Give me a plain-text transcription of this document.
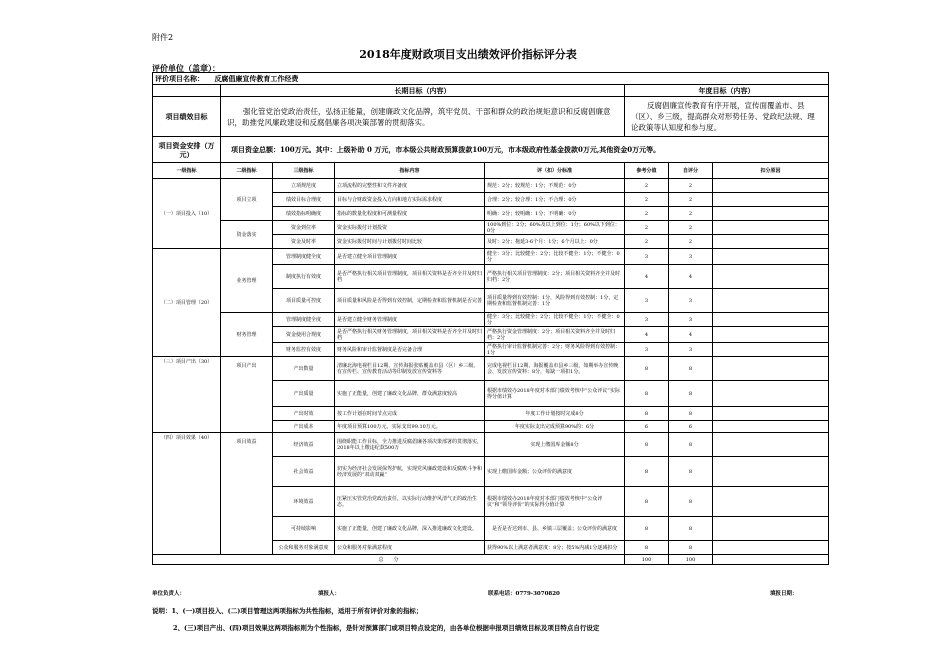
附件2
2018年度财政项目支出绩效评价指标评分表
评价单位（盖章）：
评价项目名称： 反腐倡廉宣传教育工作经费							
	长期目标（内容）				年度目标（内容）		
项目绩效目标	强化管党治党政治责任，弘扬正能量，创建廉政文化品牌，筑牢党员、干部和群众的政治规矩意识和反腐倡廉意识，助推党风廉政建设和反腐倡廉各项决策部署的贯彻落实。				反腐倡廉宣传教育有序开展，宣传面覆盖市、县（区）、乡三级，提高群众对形势任务、党政纪法规、理论政策等认知度和参与度。		
项目资金安排（万元）	项目资金总额：100万元。其中：上级补助 0 万元，市本级公共财政预算拨款100万元，市本级政府性基金拨款0万元,其他资金0万元等。						
一级指标	二级指标	三级指标	指标内容	评（扣）分标准	参考分值	自评分	扣分原因
（一）项目投入（10）	项目立项	立项规范度	立项流程的完整性和文件齐备度	规范：2分；较规范：1分；不规范：0分	2	2	
		绩效目标合理度	目标与合财政资金投入方向和地方实际需求程度	合理：2分；较合理：1分；不合理：0分	2	2	
		绩效指标明确度	指标的数量化程度和可测量程度	明确：2分；较明确：1分；不明确：0分	2	2	
	资金落实	资金到位率	资金实际拨付计划投资	100%到位：2分；60%及以上到位：1分；60%以下到位：0分	2	2	
		资金及时率	资金实际拨付时间与计划拨付时间比较	及时：2分；拖延3-6个月：1分；6个月以上：0分	2	2	
（二）项目管理（20）	业务管理	管理制度健全度	是否建立健全项目管理制度	健全：3分；比较健全：2分；比较不健全：1分；不健全：0分	3	3	
		制度执行有效度	是否严格执行相关项目管理制度，项目相关资料是否齐全并及时归档	严格执行相关项目管理制度：2分；项目相关资料齐全并及时归档：2分	4	4	
		项目质量可控度	项目质量和风险是否得到有效控制，定期检查和监督机制是否完善	项目质量得到有效控制：1分，风险得到有效控制：1分，定期检查和监督机制完善：1分	3	3	
	财务管理	管理制度健全度	是否建立健全财务管理制度	健全：3分；比较健全：2分；比较不健全：1分；不健全：0分	3	3	
		资金使用合规度	是否严格执行相关财务管理制度，项目相关资料是否齐全并及时归档	严格执行资金管理制度：2分；项目相关资料齐全并及时归档：2分	4	4	
		财务监控有效度	财务风险和审计监督制度是否完备合理	严格执行审计监督机制完善：2分；财务风险得到有效控制：1分	3	3	
（三）项目产出（30）	项目产出	产出数量	清廉北海电视栏目12期、宣传海报张贴覆盖市县（区）乡三级、有宣传栏、宣传教育活动等印制发放宣传资料等	完成电视栏目12期，海报覆盖市县乡三级，如期举办宣传晚会、发放宣传资料：8分，每缺一项扣1分。	8	8	
		产出质量	实施了正能量，创建了廉政文化品牌，群众满意度较高	根据市绩效办2018年度对本部门绩效考核中“公众评议”实际得分值计算	8	8	
		产出时效	按工作计划在时间节点完成	年度工作计划按时完成8分	8	8	
		产出成本	年度项目预算100万元，实际支出99.10万元。	年度实际支出完成预算90%的：6分	6	6	
（四）项目效果（40）	项目效益	经济效益	围绕职能工作目标，全力推进反腐倡廉各项决策部署的贯彻落实，2018年以上缴违纪款500万	实现上缴国库金额8分	8	8	
		社会效益	切实为经济社会发展保驾护航，实现党风廉政建设和反腐败斗争和经济发展的“双动双赢”	实现上缴国库金额；公众评价的满意度	8	8	
		环境效益	压紧压实管党治党政治责任，以实际行动维护风清气正的政治生态。	根据市绩效办2018年度对本部门绩效考核中“公众评议”和“领导评价”的实际得分值计算	8	8	
		可持续影响	实施了正能量，创建了廉政文化品牌，深入推进廉政文化建设。	是否是否达到市、县、乡镇三层覆盖；公众评价的满意度	8	8	
		公众和服务对象满意度	公众和服务对象满意程度	获得90%以上满意者满意度：8分；按5%内减1分逐减扣分	8	8	
总　　分					100	100	
单位负责人：	填报人：	联系电话：0779-3070820	填报日期：
说明：1、(一)项目投入、(二)项目管理这两项指标为共性指标，适用于所有评价对象的指标；
2、(三)项目产出、(四)项目效果这两项指标则为个性指标，是针对预算部门或项目特点设定的，由各单位根据申报项目绩效目标及项目特点自行设定
